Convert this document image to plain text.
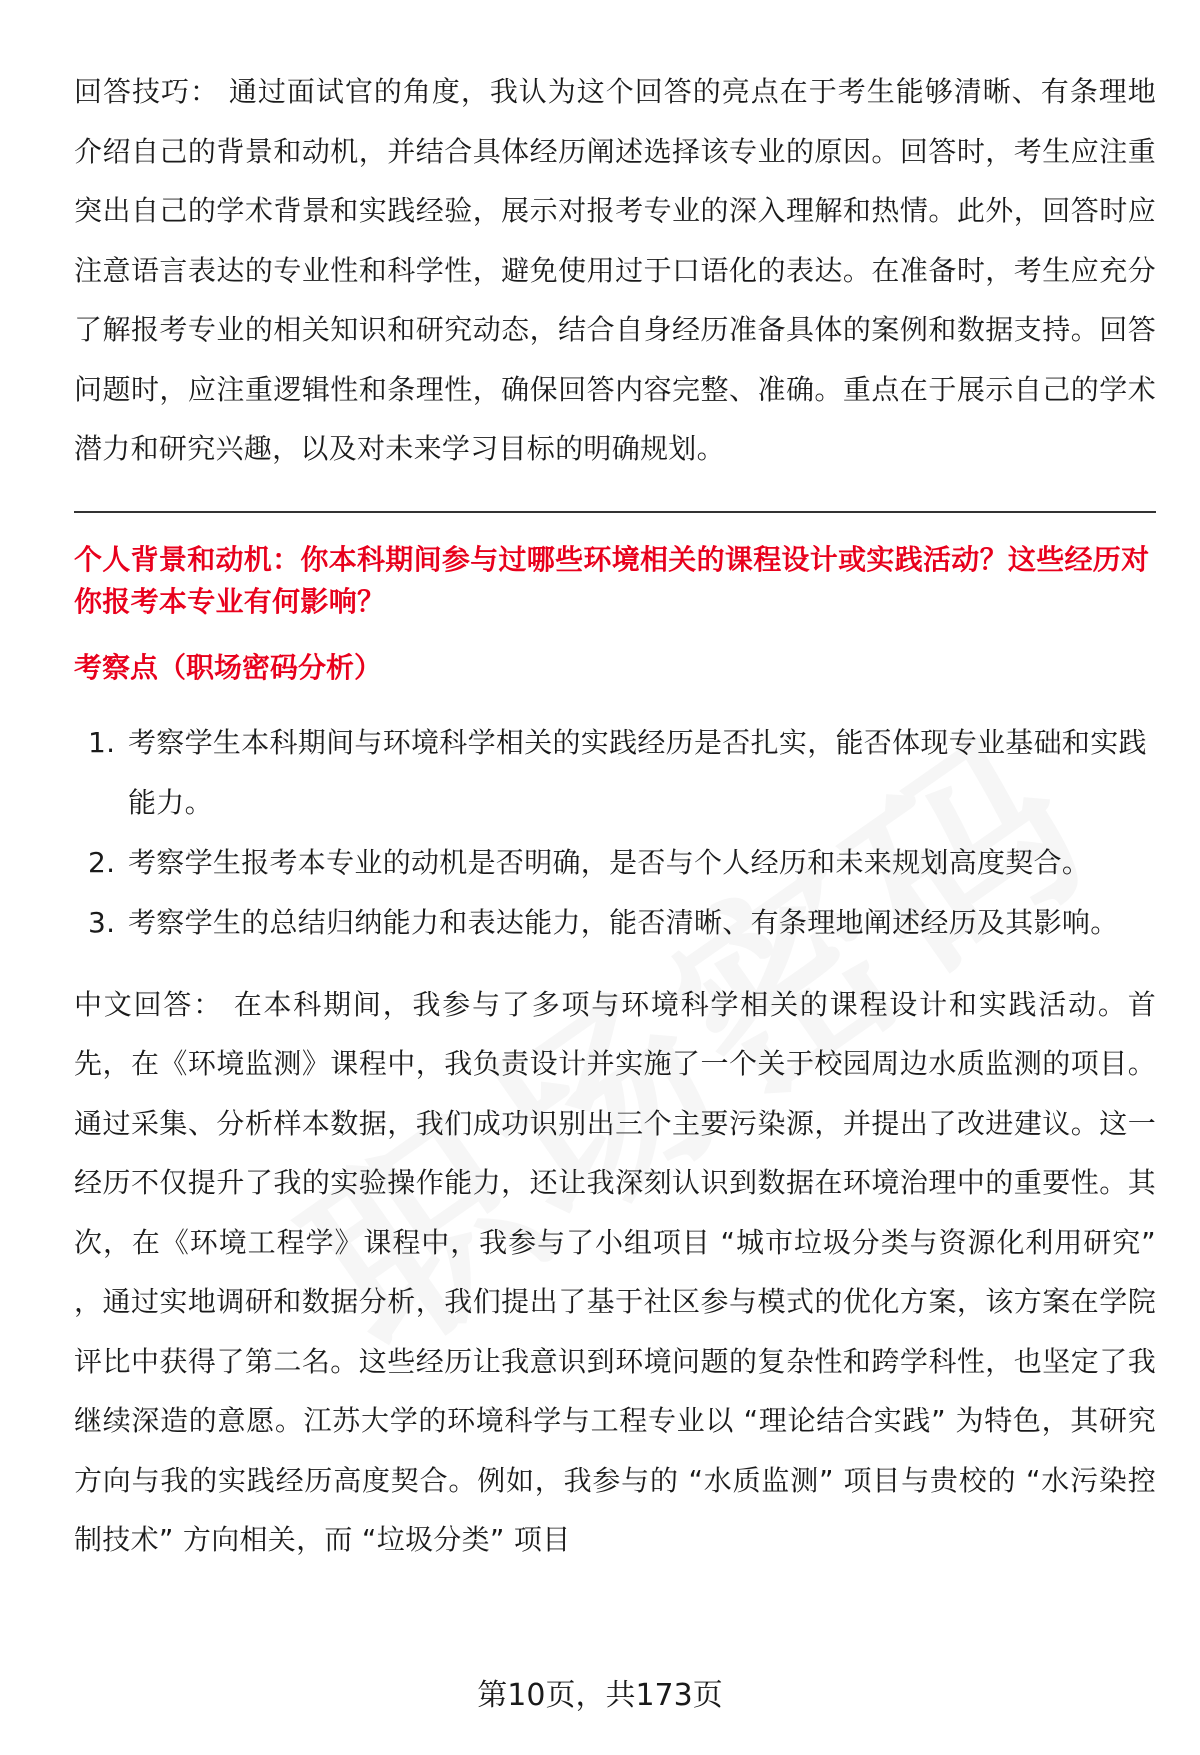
回答技巧： 通过面试官的角度，我认为这个回答的亮点在于考生能够清晰、有条理地介绍自己的背景和动机，并结合具体经历阐述选择该专业的原因。回答时，考生应注重突出自己的学术背景和实践经验，展示对报考专业的深入理解和热情。此外，回答时应注意语言表达的专业性和科学性，避免使用过于口语化的表达。在准备时，考生应充分了解报考专业的相关知识和研究动态，结合自身经历准备具体的案例和数据支持。回答问题时，应注重逻辑性和条理性，确保回答内容完整、准确。重点在于展示自己的学术潜力和研究兴趣，以及对未来学习目标的明确规划。

个人背景和动机：你本科期间参与过哪些环境相关的课程设计或实践活动？这些经历对你报考本专业有何影响？

考察点（职场密码分析）
1. 考察学生本科期间与环境科学相关的实践经历是否扎实，能否体现专业基础和实践能力。
2. 考察学生报考本专业的动机是否明确，是否与个人经历和未来规划高度契合。
3. 考察学生的总结归纳能力和表达能力，能否清晰、有条理地阐述经历及其影响。

中文回答： 在本科期间，我参与了多项与环境科学相关的课程设计和实践活动。首先，在《环境监测》课程中，我负责设计并实施了一个关于校园周边水质监测的项目。通过采集、分析样本数据，我们成功识别出三个主要污染源，并提出了改进建议。这一经历不仅提升了我的实验操作能力，还让我深刻认识到数据在环境治理中的重要性。其次，在《环境工程学》课程中，我参与了小组项目 “城市垃圾分类与资源化利用研究” ，通过实地调研和数据分析，我们提出了基于社区参与模式的优化方案，该方案在学院评比中获得了第二名。这些经历让我意识到环境问题的复杂性和跨学科性，也坚定了我继续深造的意愿。江苏大学的环境科学与工程专业以 “理论结合实践” 为特色，其研究方向与我的实践经历高度契合。例如，我参与的 “水质监测” 项目与贵校的 “水污染控制技术” 方向相关，而 “垃圾分类” 项目

第10页，共173页
